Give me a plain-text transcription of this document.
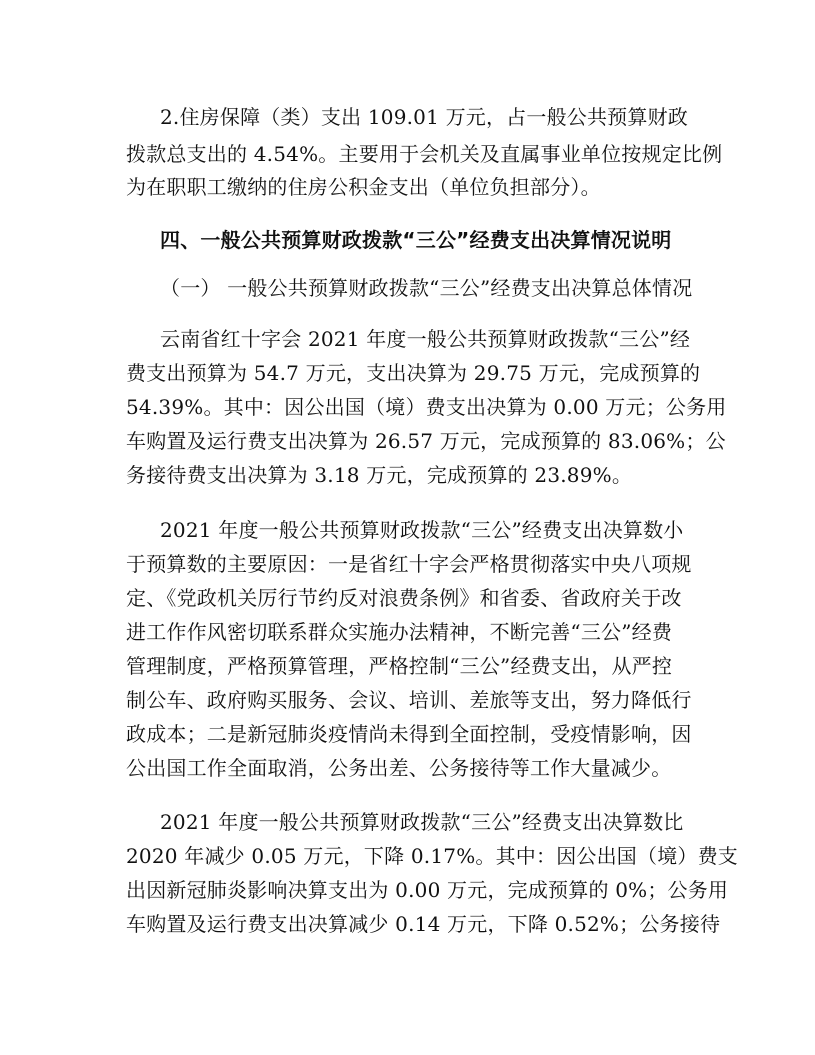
2.住房保障（类）支出 109.01 万元，占一般公共预算财政
拨款总支出的 4.54%。主要用于会机关及直属事业单位按规定比例
为在职职工缴纳的住房公积金支出（单位负担部分）。
四、一般公共预算财政拨款“三公”经费支出决算情况说明
（一） 一般公共预算财政拨款“三公”经费支出决算总体情况
云南省红十字会 2021 年度一般公共预算财政拨款“三公”经
费支出预算为 54.7 万元，支出决算为 29.75 万元，完成预算的
54.39%。其中：因公出国（境）费支出决算为 0.00 万元；公务用
车购置及运行费支出决算为 26.57 万元，完成预算的 83.06%；公
务接待费支出决算为 3.18 万元，完成预算的 23.89%。
2021 年度一般公共预算财政拨款“三公”经费支出决算数小
于预算数的主要原因：一是省红十字会严格贯彻落实中央八项规
定、《党政机关厉行节约反对浪费条例》和省委、省政府关于改
进工作作风密切联系群众实施办法精神，不断完善“三公”经费
管理制度，严格预算管理，严格控制“三公”经费支出，从严控
制公车、政府购买服务、会议、培训、差旅等支出，努力降低行
政成本；二是新冠肺炎疫情尚未得到全面控制，受疫情影响，因
公出国工作全面取消，公务出差、公务接待等工作大量减少。
2021 年度一般公共预算财政拨款“三公”经费支出决算数比
2020 年减少 0.05 万元，下降 0.17%。其中：因公出国（境）费支
出因新冠肺炎影响决算支出为 0.00 万元，完成预算的 0%；公务用
车购置及运行费支出决算减少 0.14 万元，下降 0.52%；公务接待
